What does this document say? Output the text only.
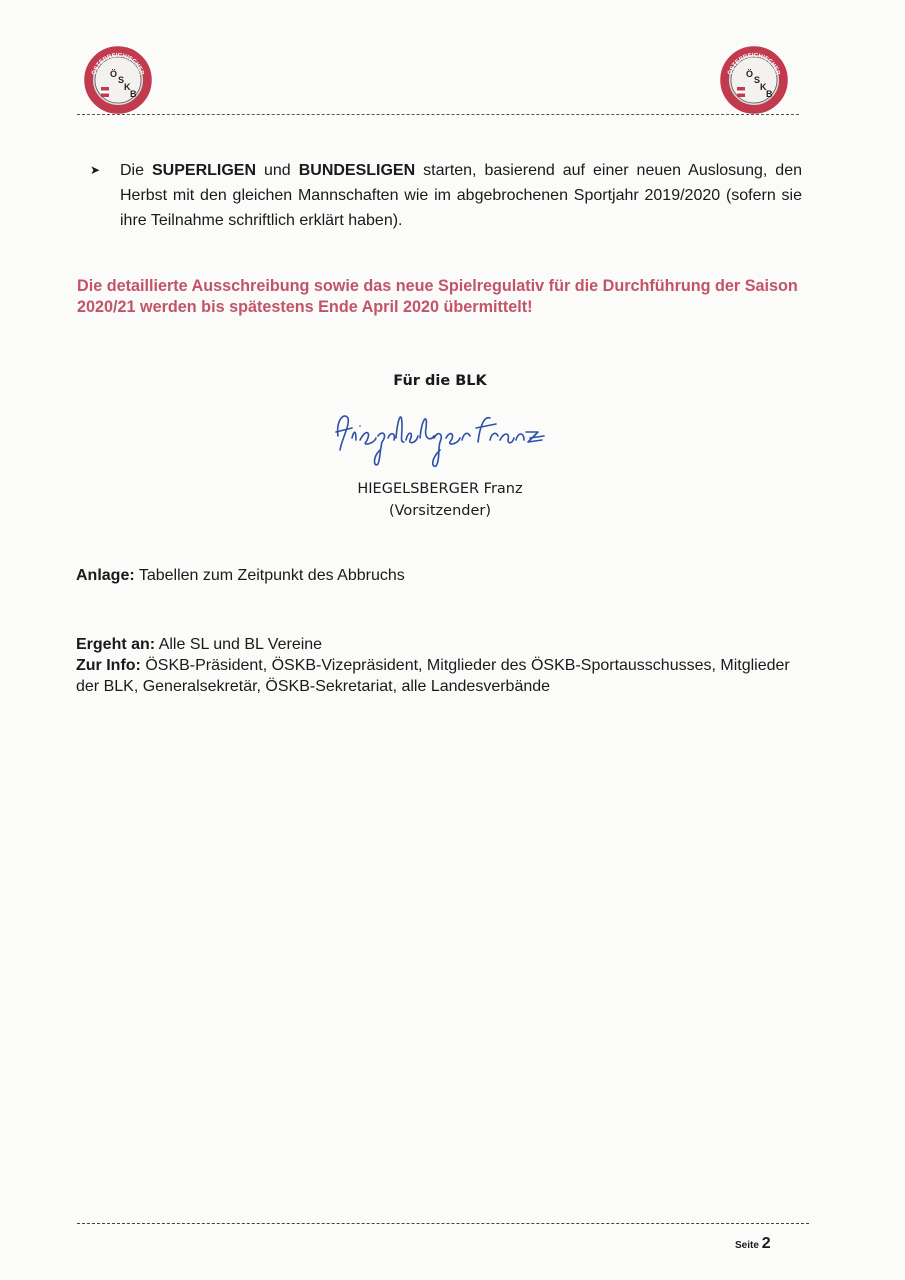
ÖSTERREICHISCHER
Ö
S
K
B
ÖSTERREICHISCHER
Ö
S
K
B
➤ Die SUPERLIGEN und BUNDESLIGEN starten, basierend auf einer neuen Auslosung, den Herbst mit den gleichen Mannschaften wie im abgebrochenen Sportjahr 2019/2020 (sofern sie ihre Teilnahme schriftlich erklärt haben).
Die detaillierte Ausschreibung sowie das neue Spielregulativ für die Durchführung der Saison 2020/21 werden bis spätestens Ende April 2020 übermittelt!
Für die BLK
HIEGELSBERGER Franz
(Vorsitzender)
Anlage: Tabellen zum Zeitpunkt des Abbruchs
Ergeht an: Alle SL und BL Vereine
Zur Info: ÖSKB-Präsident, ÖSKB-Vizepräsident, Mitglieder des ÖSKB-Sportausschusses, Mitglieder der BLK, Generalsekretär, ÖSKB-Sekretariat, alle Landesverbände
Seite 2
